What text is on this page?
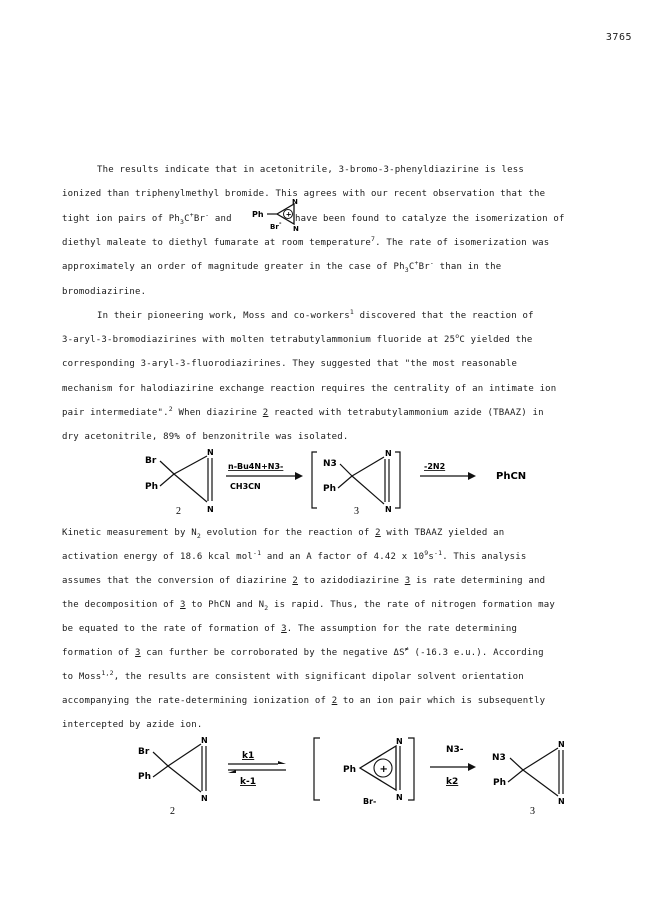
3765
The results indicate that in acetonitrile, 3-bromo-3-phenyldiazirine is less
ionized than triphenylmethyl bromide. This agrees with our recent observation that the
tight ion pairs of $Ph_3C^+Br^-$ and	have been found to catalyze the isomerization of
Ph	+
N
N
Br -
diethyl maleate to diethyl fumarate at room temperature$^7$. The rate of isomerization was
approximately an order of magnitude greater in the case of $Ph_3C^+Br^-$ than in the
bromodiazirine.
In their pioneering work, Moss and co-workers$^1$ discovered that the reaction of
3-aryl-3-bromodiazirines with molten tetrabutylammonium fluoride at 25$^o$C yielded the
corresponding 3-aryl-3-fluorodiazirines. They suggested that "the most reasonable
mechanism for halodiazirine exchange reaction requires the centrality of an intimate ion
pair intermediate".$^2$ When diazirine 2 reacted with tetrabutylammonium azide (TBAAZ) in
dry acetonitrile, 89% of benzonitrile was isolated.
Br
Ph
N
N
2
n-Bu4N+N3-
CH3CN
N3
Ph
N
N
3
-2N2
PhCN
Kinetic measurement by $N_2$ evolution for the reaction of 2 with TBAAZ yielded an
activation energy of 18.6 kcal mol$^{-1}$ and an A factor of 4.42 x $10^9s^{-1}$. This analysis
assumes that the conversion of diazirine 2 to azidodiazirine 3 is rate determining and
the decomposition of 3 to PhCN and $N_2$ is rapid. Thus, the rate of nitrogen formation may
be equated to the rate of formation of 3. The assumption for the rate determining
formation of 3 can further be corroborated by the negative ΔS≠ (-16.3 e.u.). According
to Moss$^{1,2}$, the results are consistent with significant dipolar solvent orientation
accompanying the rate-determining ionization of 2 to an ion pair which is subsequently
intercepted by azide ion.
Br
Ph
N
N
2
k1
k-1
Ph +
N
N
Br-
N3-
k2
N3
Ph
N
N
3
